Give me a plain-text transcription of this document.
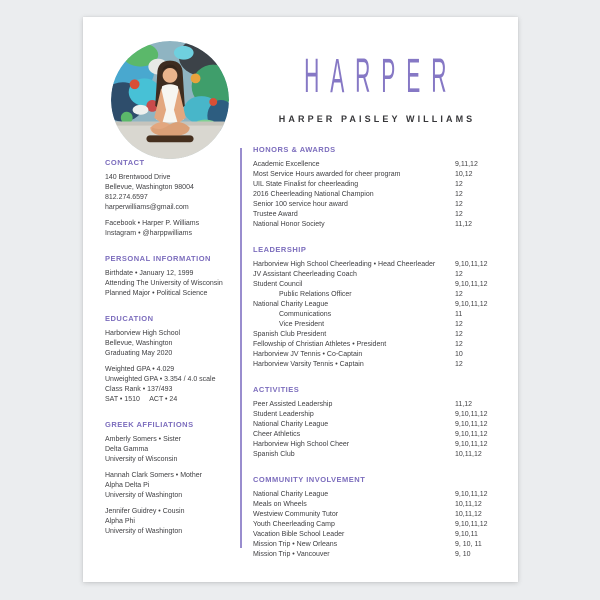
HARPER
HARPER PAISLEY WILLIAMS
CONTACT
140 Brentwood Drive
Bellevue, Washington 98004
812.274.6597
harperwilliams@gmail.com
Facebook • Harper P. Williams
Instagram • @harppwilliams
PERSONAL INFORMATION
Birthdate • January 12, 1999
Attending The University of Wisconsin
Planned Major • Political Science
EDUCATION
Harborview High School
Bellevue, Washington
Graduating May 2020
Weighted GPA • 4.029
Unweighted GPA • 3.354 / 4.0 scale
Class Rank • 137/493
SAT • 1510     ACT • 24
GREEK AFFILIATIONS
Amberly Somers • Sister
Delta Gamma
University of Wisconsin
Hannah Clark Somers • Mother
Alpha Delta Pi
University of Washington
Jennifer Guidrey • Cousin
Alpha Phi
University of Washington
HONORS & AWARDS
Academic Excellence	9,11,12
Most Service Hours awarded for cheer program	10,12
UIL State Finalist for cheerleading	12
2016 Cheerleading National Champion	12
Senior 100 service hour award	12
Trustee Award	12
National Honor Society	11,12
LEADERSHIP
Harborview High School Cheerleading • Head Cheerleader	9,10,11,12
JV Assistant Cheerleading Coach	12
Student Council	9,10,11,12
Public Relations Officer	12
National Charity League	9,10,11,12
Communications	11
Vice President	12
Spanish Club President	12
Fellowship of Christian Athletes • President	12
Harborview JV Tennis • Co-Captain	10
Harborview Varsity Tennis • Captain	12
ACTIVITIES
Peer Assisted Leadership	11,12
Student Leadership	9,10,11,12
National Charity League	9,10,11,12
Cheer Athletics	9,10,11,12
Harborview High School Cheer	9,10,11,12
Spanish Club	10,11,12
COMMUNITY INVOLVEMENT
National Charity League	9,10,11,12
Meals on Wheels	10,11,12
Westview Community Tutor	10,11,12
Youth Cheerleading Camp	9,10,11,12
Vacation Bible School Leader	9,10,11
Mission Trip • New Orleans	9, 10, 11
Mission Trip • Vancouver	9, 10
